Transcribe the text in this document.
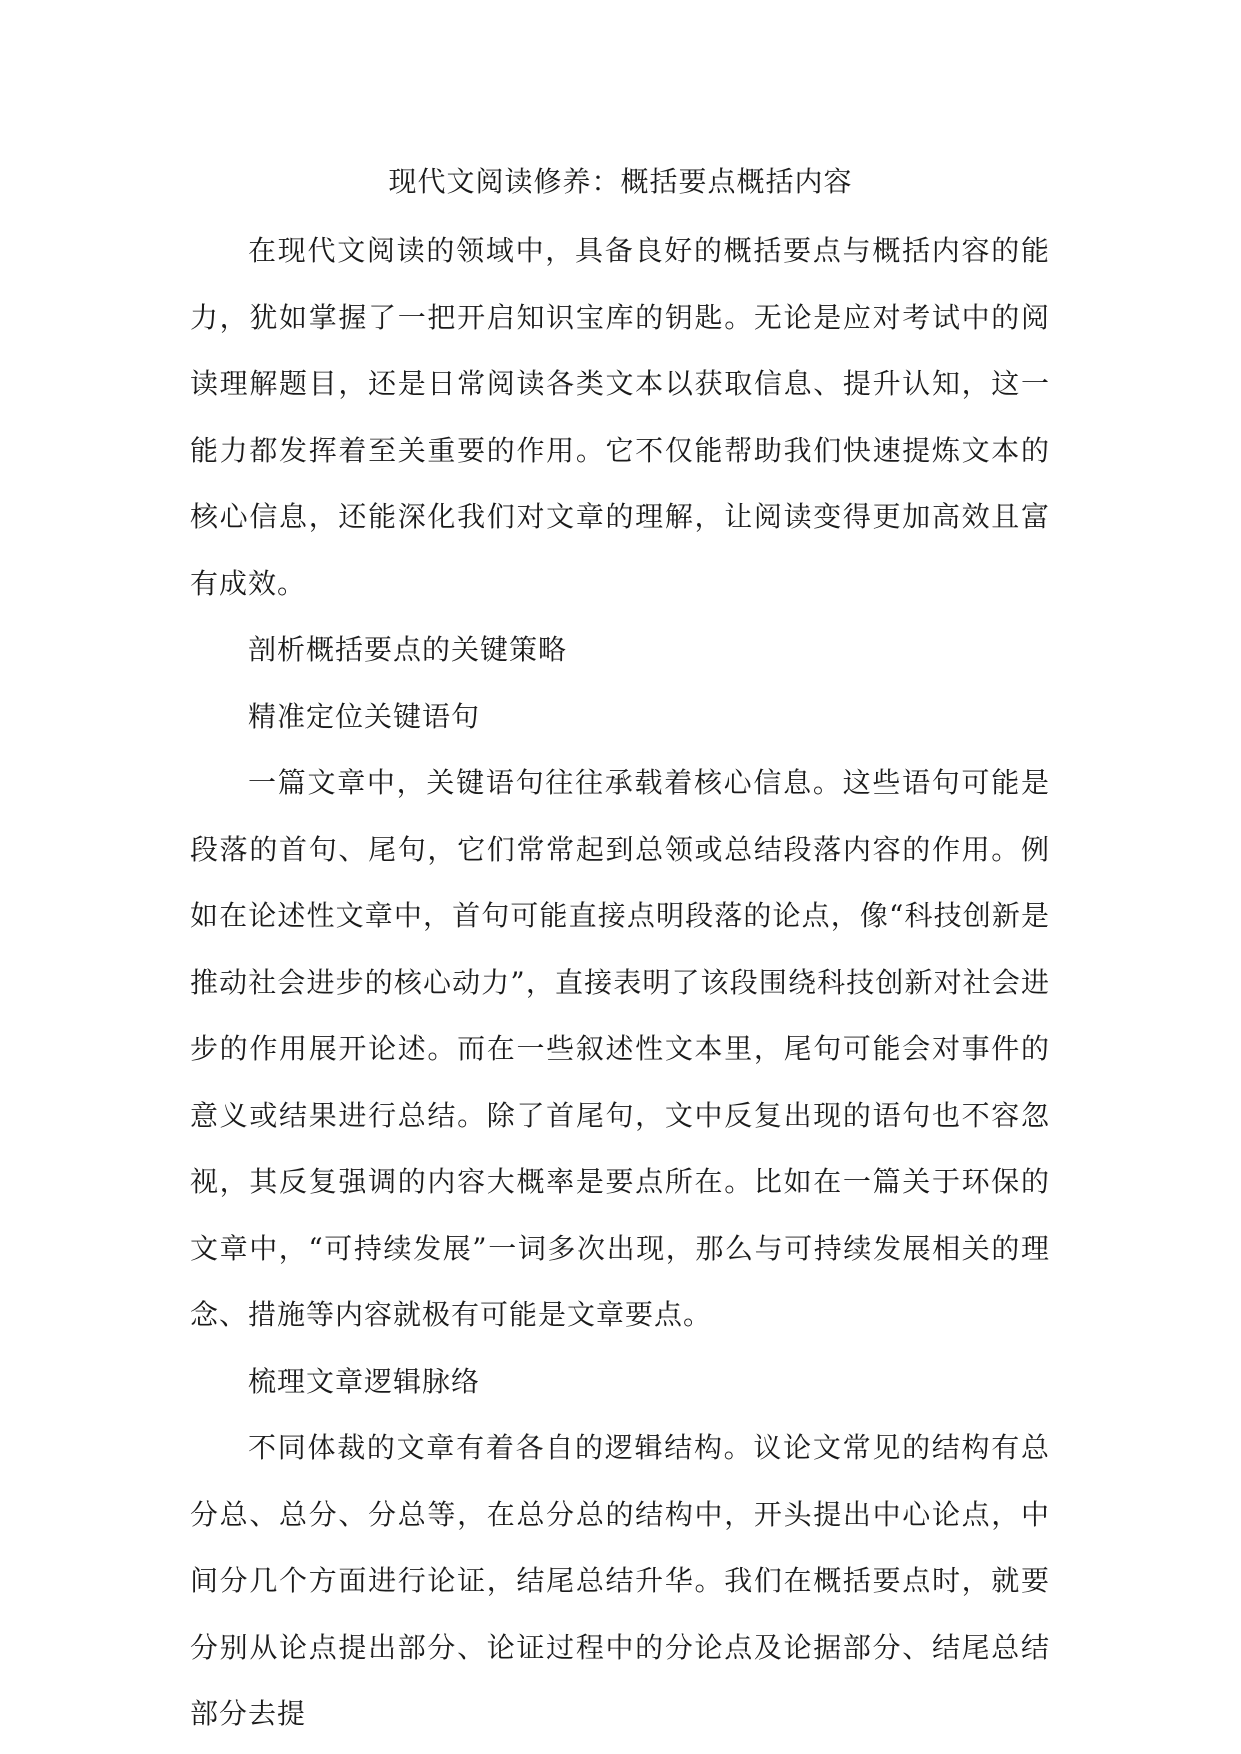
现代文阅读修养：概括要点概括内容

在现代文阅读的领域中，具备良好的概括要点与概括内容的能力，犹如掌握了一把开启知识宝库的钥匙。无论是应对考试中的阅读理解题目，还是日常阅读各类文本以获取信息、提升认知，这一能力都发挥着至关重要的作用。它不仅能帮助我们快速提炼文本的核心信息，还能深化我们对文章的理解，让阅读变得更加高效且富有成效。

剖析概括要点的关键策略

精准定位关键语句

一篇文章中，关键语句往往承载着核心信息。这些语句可能是段落的首句、尾句，它们常常起到总领或总结段落内容的作用。例如在论述性文章中，首句可能直接点明段落的论点，像“科技创新是推动社会进步的核心动力”，直接表明了该段围绕科技创新对社会进步的作用展开论述。而在一些叙述性文本里，尾句可能会对事件的意义或结果进行总结。除了首尾句，文中反复出现的语句也不容忽视，其反复强调的内容大概率是要点所在。比如在一篇关于环保的文章中，“可持续发展”一词多次出现，那么与可持续发展相关的理念、措施等内容就极有可能是文章要点。

梳理文章逻辑脉络

不同体裁的文章有着各自的逻辑结构。议论文常见的结构有总分总、总分、分总等，在总分总的结构中，开头提出中心论点，中间分几个方面进行论证，结尾总结升华。我们在概括要点时，就要分别从论点提出部分、论证过程中的分论点及论据部分、结尾总结部分去提
